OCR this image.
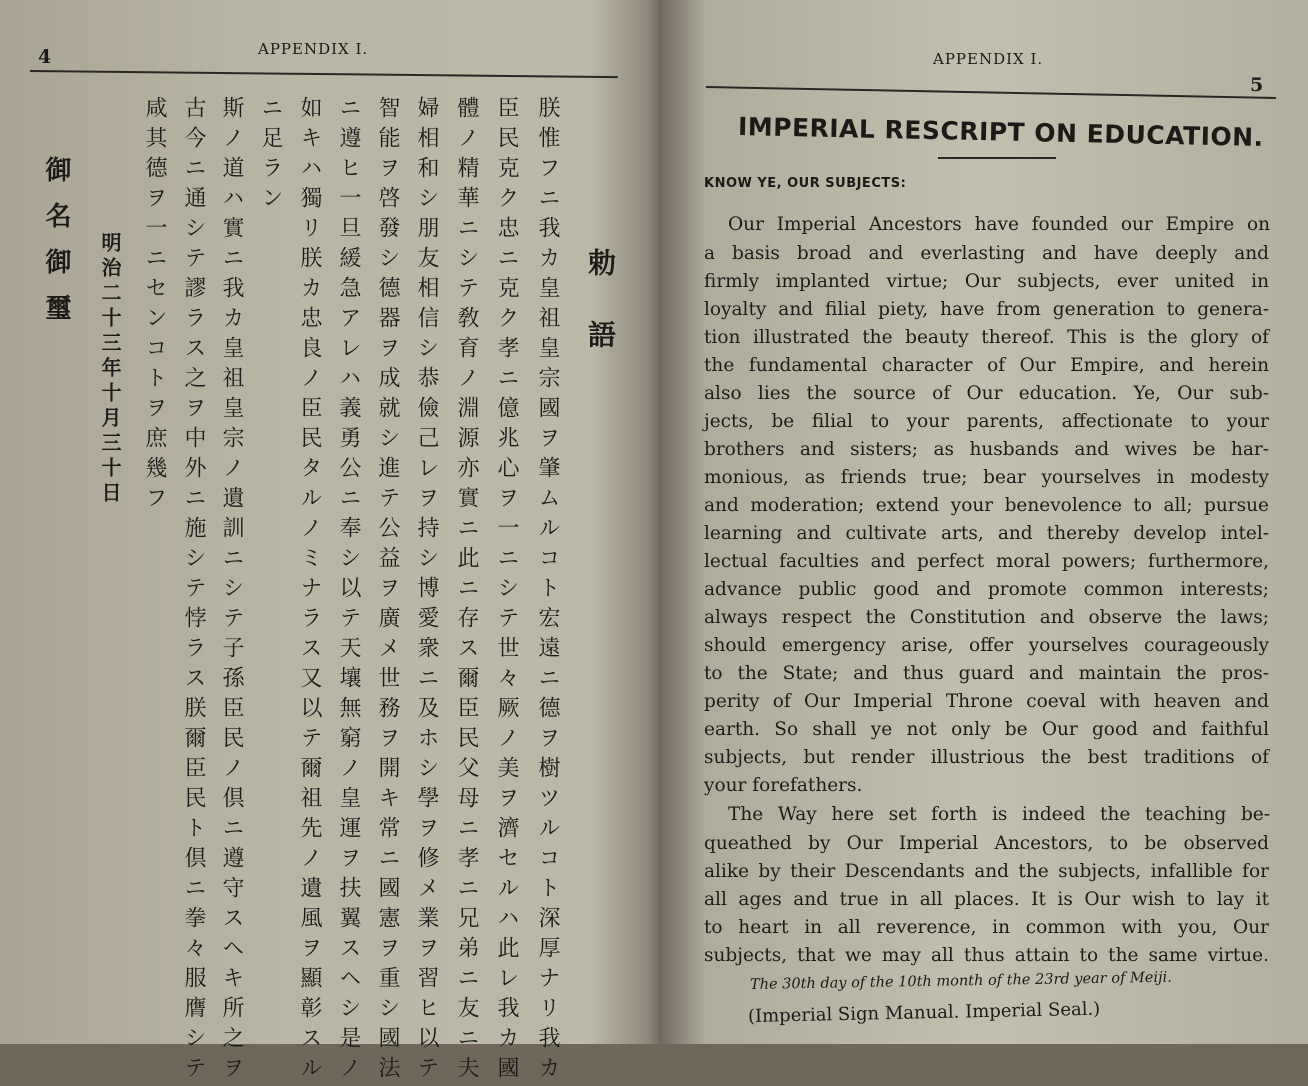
4	APPENDIX I.
勅語
朕惟フニ我カ皇祖皇宗國ヲ肇ムルコト宏遠ニ德ヲ樹ツルコト深厚ナリ我カ
臣民克ク忠ニ克ク孝ニ億兆心ヲ一ニシテ世々厥ノ美ヲ濟セルハ此レ我カ國
體ノ精華ニシテ敎育ノ淵源亦實ニ此ニ存ス爾臣民父母ニ孝ニ兄弟ニ友ニ夫
婦相和シ朋友相信シ恭儉己レヲ持シ博愛衆ニ及ホシ學ヲ修メ業ヲ習ヒ以テ
智能ヲ啓發シ德器ヲ成就シ進テ公益ヲ廣メ世務ヲ開キ常ニ國憲ヲ重シ國法
ニ遵ヒ一旦緩急アレハ義勇公ニ奉シ以テ天壤無窮ノ皇運ヲ扶翼スヘシ是ノ
如キハ獨リ朕カ忠良ノ臣民タルノミナラス又以テ爾祖先ノ遺風ヲ顯彰スル
ニ足ラン
斯ノ道ハ實ニ我カ皇祖皇宗ノ遺訓ニシテ子孫臣民ノ倶ニ遵守スヘキ所之ヲ
古今ニ通シテ謬ラス之ヲ中外ニ施シテ悖ラス朕爾臣民ト倶ニ拳々服膺シテ
咸其德ヲ一ニセンコトヲ庶幾フ
明治二十三年十月三十日
御名御璽
APPENDIX I.
5
IMPERIAL RESCRIPT ON EDUCATION.
KNOW YE, OUR SUBJECTS:
Our Imperial Ancestors have founded our Empire on
a basis broad and everlasting and have deeply and
firmly implanted virtue; Our subjects, ever united in
loyalty and filial piety, have from generation to genera-
tion illustrated the beauty thereof. This is the glory of
the fundamental character of Our Empire, and herein
also lies the source of Our education. Ye, Our sub-
jects, be filial to your parents, affectionate to your
brothers and sisters; as husbands and wives be har-
monious, as friends true; bear yourselves in modesty
and moderation; extend your benevolence to all; pursue
learning and cultivate arts, and thereby develop intel-
lectual faculties and perfect moral powers; furthermore,
advance public good and promote common interests;
always respect the Constitution and observe the laws;
should emergency arise, offer yourselves courageously
to the State; and thus guard and maintain the pros-
perity of Our Imperial Throne coeval with heaven and
earth. So shall ye not only be Our good and faithful
subjects, but render illustrious the best traditions of
your forefathers.
The Way here set forth is indeed the teaching be-
queathed by Our Imperial Ancestors, to be observed
alike by their Descendants and the subjects, infallible for
all ages and true in all places. It is Our wish to lay it
to heart in all reverence, in common with you, Our
subjects, that we may all thus attain to the same virtue.
The 30th day of the 10th month of the 23rd year of Meiji.
(Imperial Sign Manual. Imperial Seal.)
